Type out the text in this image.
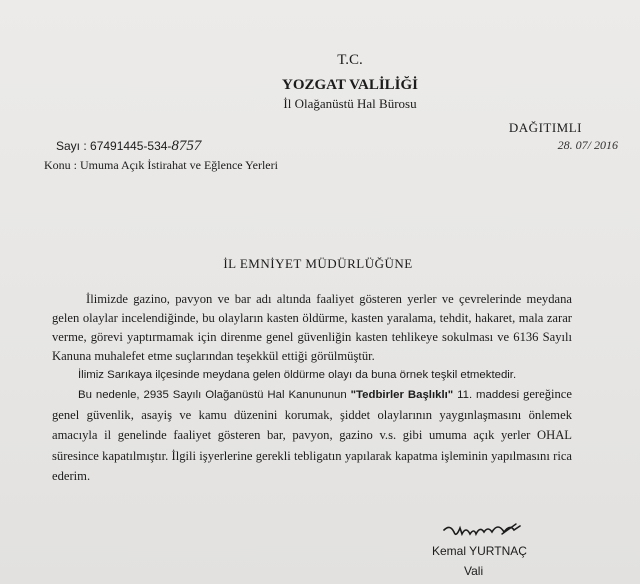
T.C.
YOZGAT VALİLİĞİ
İl Olağanüstü Hal Bürosu
DAĞITIMLI
28. 07/ 2016
Sayı : 67491445-534-8757
Konu : Umuma Açık İstirahat ve Eğlence Yerleri
İL EMNİYET MÜDÜRLÜĞÜNE

İlimizde gazino, pavyon ve bar adı altında faaliyet gösteren yerler ve çevrelerinde meydana gelen olaylar incelendiğinde, bu olayların kasten öldürme, kasten yaralama, tehdit, hakaret, mala zarar verme, görevi yaptırmamak için direnme genel güvenliğin kasten tehlikeye sokulması ve 6136 Sayılı Kanuna muhalefet etme suçlarından teşekkül ettiği görülmüştür.

İlimiz Sarıkaya ilçesinde meydana gelen öldürme olayı da buna örnek teşkil etmektedir.

Bu nedenle, 2935 Sayılı Olağanüstü Hal Kanununun "Tedbirler Başlıklı" 11. maddesi gereğince genel güvenlik, asayiş ve kamu düzenini korumak, şiddet olaylarının yaygınlaşmasını önlemek amacıyla il genelinde faaliyet gösteren bar, pavyon, gazino v.s. gibi umuma açık yerler OHAL süresince kapatılmıştır. İlgili işyerlerine gerekli tebligatın yapılarak kapatma işleminin yapılmasını rica ederim.

Kemal YURTNAÇ
Vali
